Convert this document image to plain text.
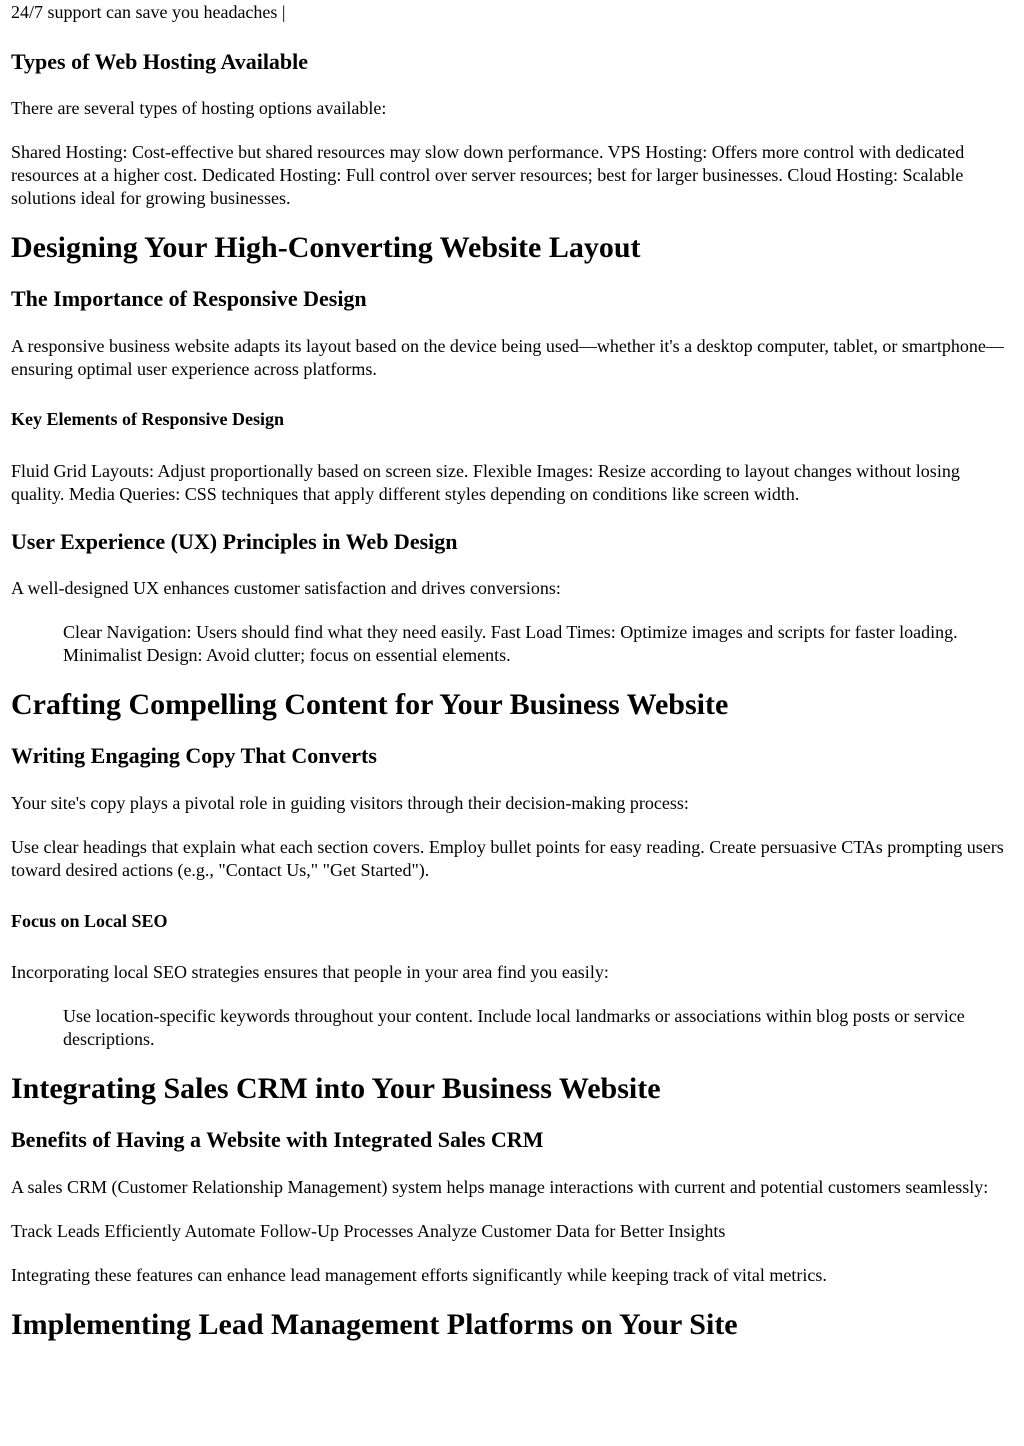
24/7 support can save you headaches |

Types of Web Hosting Available

There are several types of hosting options available:

Shared Hosting: Cost-effective but shared resources may slow down performance. VPS Hosting: Offers more control with dedicated resources at a higher cost. Dedicated Hosting: Full control over server resources; best for larger businesses. Cloud Hosting: Scalable solutions ideal for growing businesses.

Designing Your High-Converting Website Layout
The Importance of Responsive Design

A responsive business website adapts its layout based on the device being used—whether it's a desktop computer, tablet, or smartphone—ensuring optimal user experience across platforms.

Key Elements of Responsive Design

Fluid Grid Layouts: Adjust proportionally based on screen size. Flexible Images: Resize according to layout changes without losing quality. Media Queries: CSS techniques that apply different styles depending on conditions like screen width.

User Experience (UX) Principles in Web Design

A well-designed UX enhances customer satisfaction and drives conversions:

Clear Navigation: Users should find what they need easily. Fast Load Times: Optimize images and scripts for faster loading. Minimalist Design: Avoid clutter; focus on essential elements.
Crafting Compelling Content for Your Business Website
Writing Engaging Copy That Converts

Your site's copy plays a pivotal role in guiding visitors through their decision-making process:

Use clear headings that explain what each section covers. Employ bullet points for easy reading. Create persuasive CTAs prompting users toward desired actions (e.g., "Contact Us," "Get Started").

Focus on Local SEO

Incorporating local SEO strategies ensures that people in your area find you easily:

Use location-specific keywords throughout your content. Include local landmarks or associations within blog posts or service descriptions.
Integrating Sales CRM into Your Business Website
Benefits of Having a Website with Integrated Sales CRM

A sales CRM (Customer Relationship Management) system helps manage interactions with current and potential customers seamlessly:

Track Leads Efficiently Automate Follow-Up Processes Analyze Customer Data for Better Insights

Integrating these features can enhance lead management efforts significantly while keeping track of vital metrics.

Implementing Lead Management Platforms on Your Site
